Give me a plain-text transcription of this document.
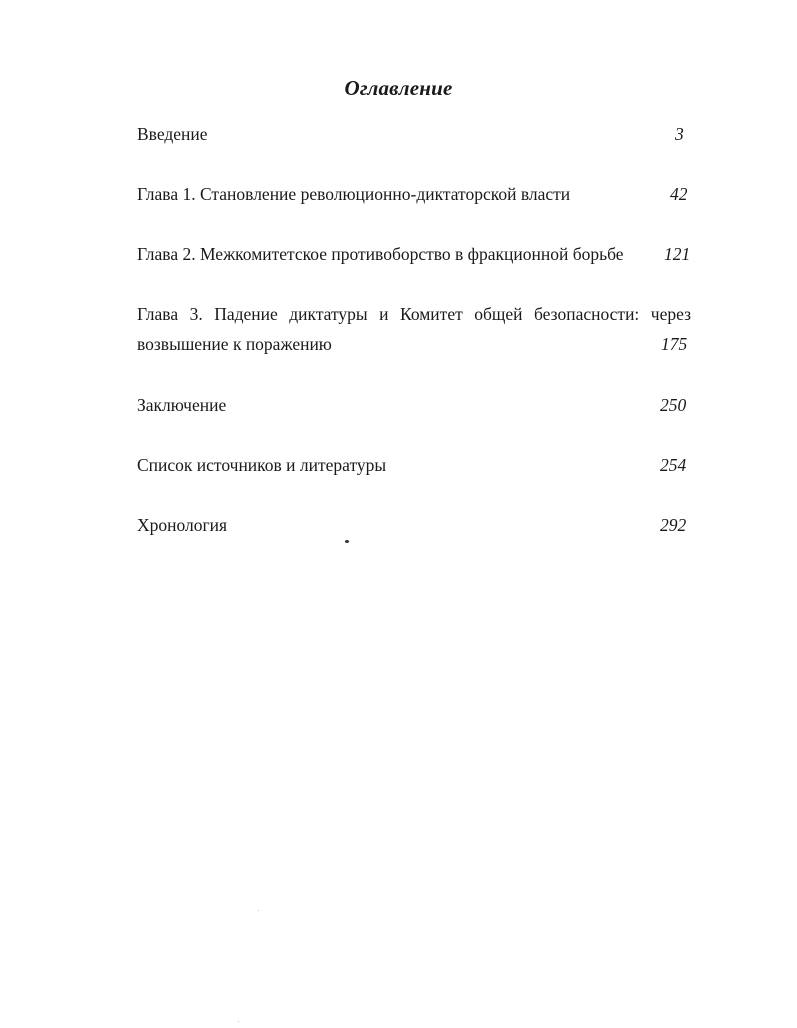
Оглавление
Введение	3
Глава 1. Становление революционно-диктаторской власти	42
Глава 2. Межкомитетское противоборство в фракционной борьбе 121
Глава 3. Падение диктатуры и Комитет общей безопасности: через
возвышение к поражению	175
Заключение	250
Список источников и литературы	254
Хронология	292
